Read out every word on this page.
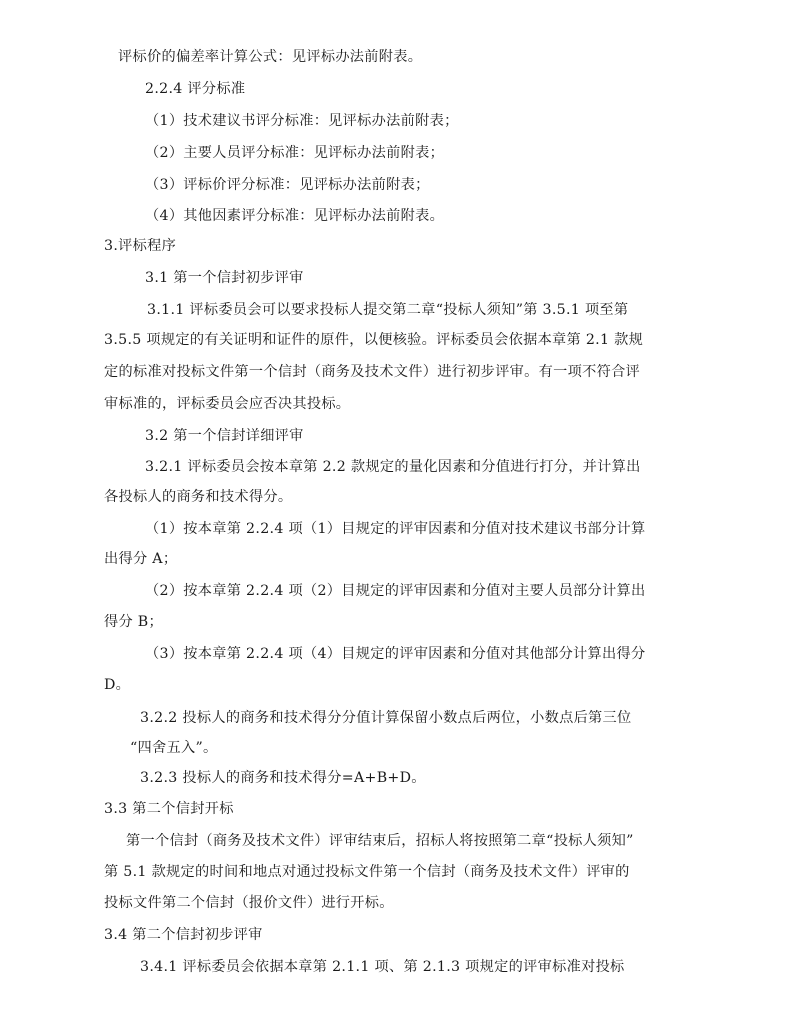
评标价的偏差率计算公式：见评标办法前附表。
2.2.4 评分标准
（1）技术建议书评分标准：见评标办法前附表；
（2）主要人员评分标准：见评标办法前附表；
（3）评标价评分标准：见评标办法前附表；
（4）其他因素评分标准：见评标办法前附表。
3.评标程序
3.1 第一个信封初步评审
3.1.1 评标委员会可以要求投标人提交第二章“投标人须知”第 3.5.1 项至第
3.5.5 项规定的有关证明和证件的原件，以便核验。评标委员会依据本章第 2.1 款规
定的标准对投标文件第一个信封（商务及技术文件）进行初步评审。有一项不符合评
审标准的，评标委员会应否决其投标。
3.2 第一个信封详细评审
3.2.1 评标委员会按本章第 2.2 款规定的量化因素和分值进行打分，并计算出
各投标人的商务和技术得分。
（1）按本章第 2.2.4 项（1）目规定的评审因素和分值对技术建议书部分计算
出得分 A；
（2）按本章第 2.2.4 项（2）目规定的评审因素和分值对主要人员部分计算出
得分 B；
（3）按本章第 2.2.4 项（4）目规定的评审因素和分值对其他部分计算出得分
D。
3.2.2 投标人的商务和技术得分分值计算保留小数点后两位，小数点后第三位
“四舍五入”。
3.2.3 投标人的商务和技术得分=A+B+D。
3.3 第二个信封开标
第一个信封（商务及技术文件）评审结束后，招标人将按照第二章“投标人须知”
第 5.1 款规定的时间和地点对通过投标文件第一个信封（商务及技术文件）评审的
投标文件第二个信封（报价文件）进行开标。
3.4 第二个信封初步评审
3.4.1 评标委员会依据本章第 2.1.1 项、第 2.1.3 项规定的评审标准对投标
